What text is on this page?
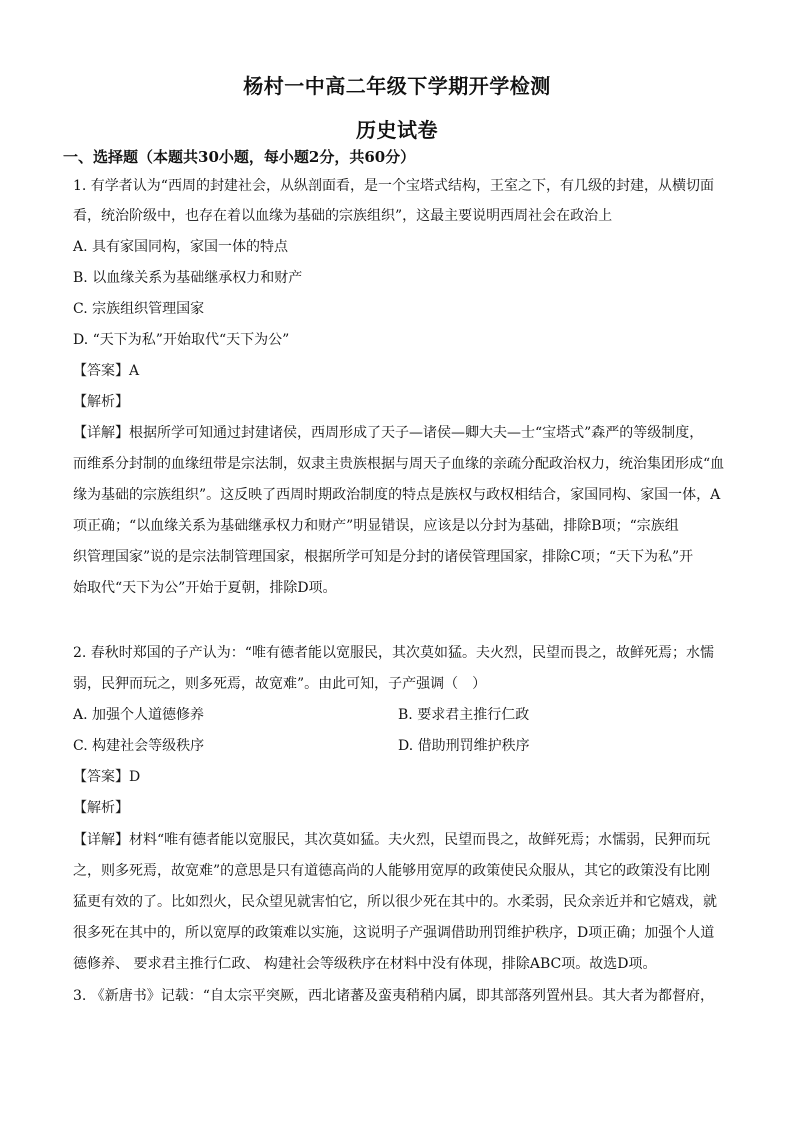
杨村一中高二年级下学期开学检测
历史试卷
一、选择题（本题共30小题，每小题2分，共60分）
1. 有学者认为“西周的封建社会，从纵剖面看，是一个宝塔式结构，王室之下，有几级的封建，从横切面
看，统治阶级中，也存在着以血缘为基础的宗族组织”，这最主要说明西周社会在政治上
A. 具有家国同构，家国一体的特点
B. 以血缘关系为基础继承权力和财产
C. 宗族组织管理国家
D. “天下为私”开始取代“天下为公”
【答案】A
【解析】
【详解】根据所学可知通过封建诸侯，西周形成了天子—诸侯—卿大夫—士“宝塔式”森严的等级制度，
而维系分封制的血缘纽带是宗法制，奴隶主贵族根据与周天子血缘的亲疏分配政治权力，统治集团形成“血
缘为基础的宗族组织”。这反映了西周时期政治制度的特点是族权与政权相结合，家国同构、家国一体，A
项正确；“以血缘关系为基础继承权力和财产”明显错误，应该是以分封为基础，排除B项；“宗族组
织管理国家”说的是宗法制管理国家，根据所学可知是分封的诸侯管理国家，排除C项；“天下为私”开
始取代“天下为公”开始于夏朝，排除D项。
2. 春秋时郑国的子产认为：“唯有德者能以宽服民，其次莫如猛。夫火烈，民望而畏之，故鲜死焉；水懦
弱，民狎而玩之，则多死焉，故宽难”。由此可知，子产强调（　）
A. 加强个人道德修养	B. 要求君主推行仁政
C. 构建社会等级秩序	D. 借助刑罚维护秩序
【答案】D
【解析】
【详解】材料“唯有德者能以宽服民，其次莫如猛。夫火烈，民望而畏之，故鲜死焉；水懦弱，民狎而玩
之，则多死焉，故宽难”的意思是只有道德高尚的人能够用宽厚的政策使民众服从，其它的政策没有比刚
猛更有效的了。比如烈火，民众望见就害怕它，所以很少死在其中的。水柔弱，民众亲近并和它嬉戏，就
很多死在其中的，所以宽厚的政策难以实施，这说明子产强调借助刑罚维护秩序，D项正确；加强个人道
德修养、 要求君主推行仁政、 构建社会等级秩序在材料中没有体现，排除ABC项。故选D项。
3. 《新唐书》记载：“自太宗平突厥，西北诸蕃及蛮夷稍稍内属，即其部落列置州县。其大者为都督府，
